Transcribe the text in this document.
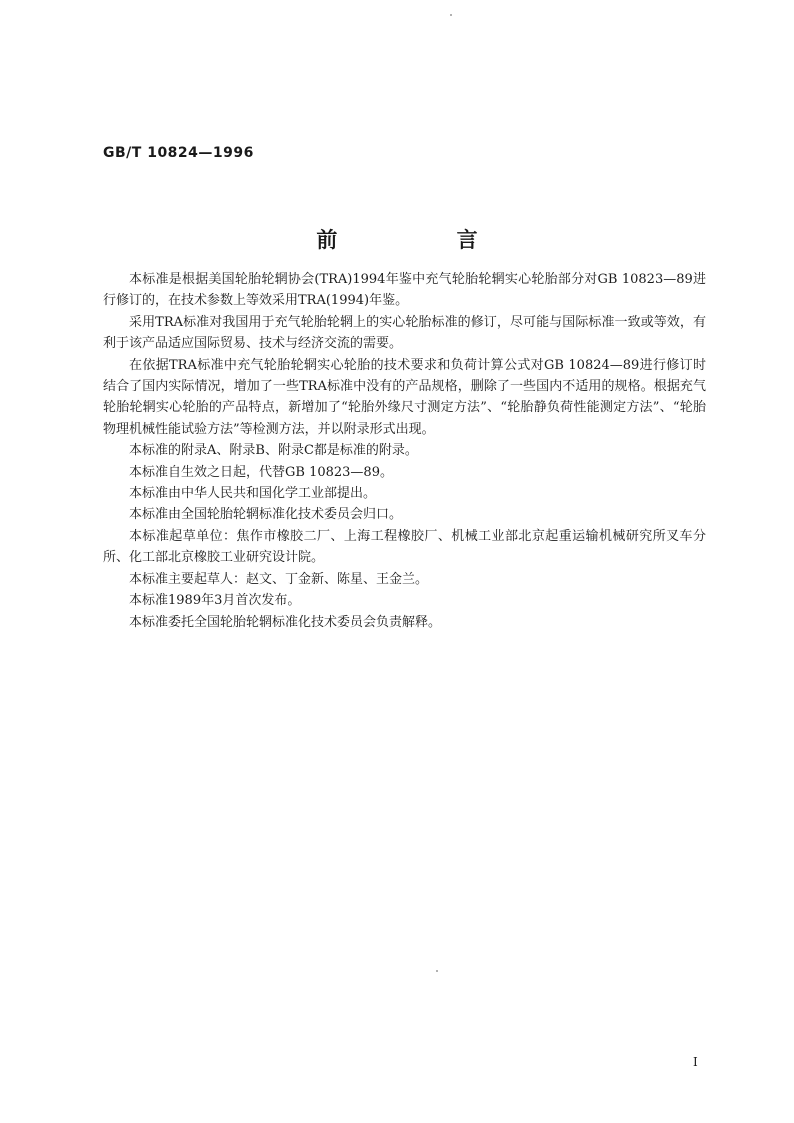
GB/T 10824—1996
前 言

本标准是根据美国轮胎轮辋协会(TRA)1994年鉴中充气轮胎轮辋实心轮胎部分对GB 10823—89进行修订的，在技术参数上等效采用TRA(1994)年鉴。

采用TRA标准对我国用于充气轮胎轮辋上的实心轮胎标准的修订，尽可能与国际标准一致或等效，有利于该产品适应国际贸易、技术与经济交流的需要。

在依据TRA标准中充气轮胎轮辋实心轮胎的技术要求和负荷计算公式对GB 10824—89进行修订时结合了国内实际情况，增加了一些TRA标准中没有的产品规格，删除了一些国内不适用的规格。根据充气轮胎轮辋实心轮胎的产品特点，新增加了“轮胎外缘尺寸测定方法”、“轮胎静负荷性能测定方法”、“轮胎物理机械性能试验方法”等检测方法，并以附录形式出现。

本标准的附录A、附录B、附录C都是标准的附录。

本标准自生效之日起，代替GB 10823—89。

本标准由中华人民共和国化学工业部提出。

本标准由全国轮胎轮辋标准化技术委员会归口。

本标准起草单位：焦作市橡胶二厂、上海工程橡胶厂、机械工业部北京起重运输机械研究所叉车分所、化工部北京橡胶工业研究设计院。

本标准主要起草人：赵文、丁金新、陈星、王金兰。

本标准1989年3月首次发布。

本标准委托全国轮胎轮辋标准化技术委员会负责解释。

I
